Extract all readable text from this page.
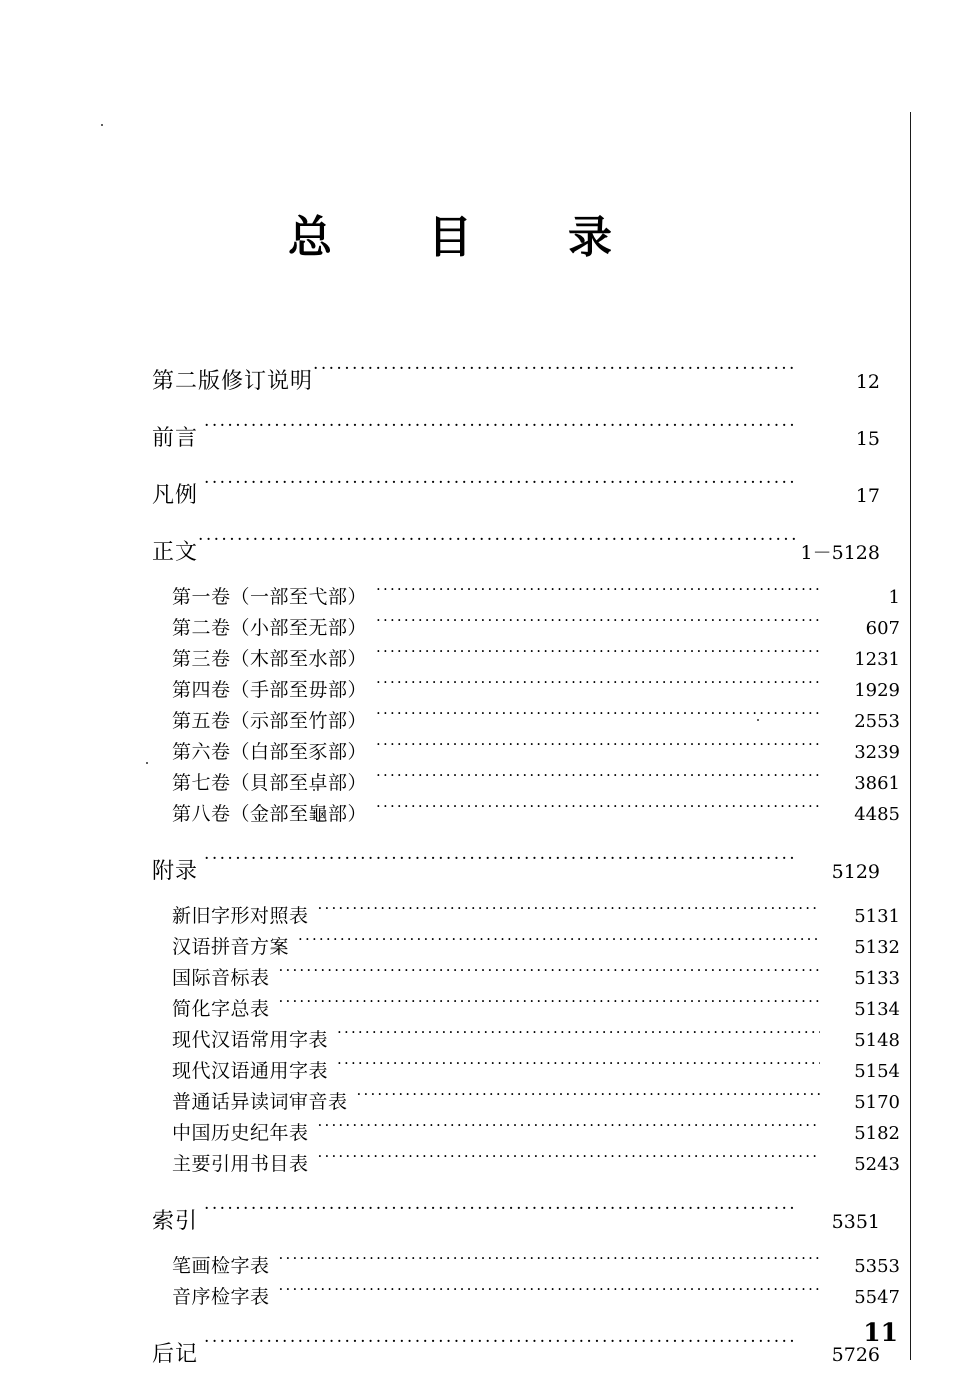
总　目　录
第二版修订说明 .....	12
前言 .....	15
凡例 .....	17
正文 .....	1－5128
第一卷（一部至弋部） .....	1
第二卷（小部至无部） .....	607
第三卷（木部至水部） .....	1231
第四卷（手部至毋部） .....	1929
第五卷（示部至竹部） .....	2553
第六卷（白部至豕部） .....	3239
第七卷（貝部至卓部） .....	3861
第八卷（金部至龜部） .....	4485
附录 .....	5129
新旧字形对照表 .....	5131
汉语拼音方案 .....	5132
国际音标表 .....	5133
简化字总表 .....	5134
现代汉语常用字表 .....	5148
现代汉语通用字表 .....	5154
普通话异读词审音表 .....	5170
中国历史纪年表 .....	5182
主要引用书目表 .....	5243
索引 .....	5351
笔画检字表 .....	5353
音序检字表 .....	5547
后记 .....	5726
11
